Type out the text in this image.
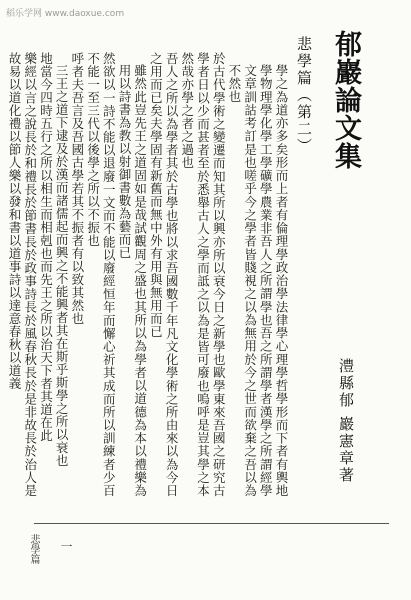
稻乐学网 www.daoxue.com
郁巖論文集
悲學篇（第二）
澧縣郁 巖憲章著

學之為道亦多矣形而上者有倫理學政治學法律學心理學哲學形而下者有輿地學物理學化學工學礦學農業非吾人之所謂學也吾之所謂學者漢學之所謂經學文章訓詁考訂是也嗟乎今之學者皆賤視之以為無用於今之世而欲棄之吾以為不然也

於古代學術之變遷而知其所以興亦所以衰今日之新學也歐學東來吾國之研究古學者日以少而甚者至於悉舉古人之學而詆之以為是皆可廢也嗚呼是豈其學之本然哉亦學之者之過也

吾人之所以為學者其於古學也將以求吾國數千年凡文化學術之所由來以為今日之用而已矣夫學固有新舊而無中外有用與無用而已

雖然此豈先王之道固如是哉試觀周之盛也其所以為學者以道德為本以禮樂為用以詩書為教以射御書數為藝而已

然欲以一詩不能以退廢一文而不能以廢經恒年而懈心祈其成而所以訓練者少百不能一至三代以後學之所以不振也

呼者夫吾言及吾國古學若其不振者有以致其然也

三王之道下逮及於漢而諸儒起而興之不能興者其在斯乎斯學之所以衰也

地當今四時五行之所以相生而相剋也而先王之所以治天下者其道在此

樂經以言之說長於和禮長於節書長於政事詩長於風春秋長於是非故長於治人是故易以道化禮以節人樂以發和書以道事詩以達意春秋以道義

悲學篇 一
